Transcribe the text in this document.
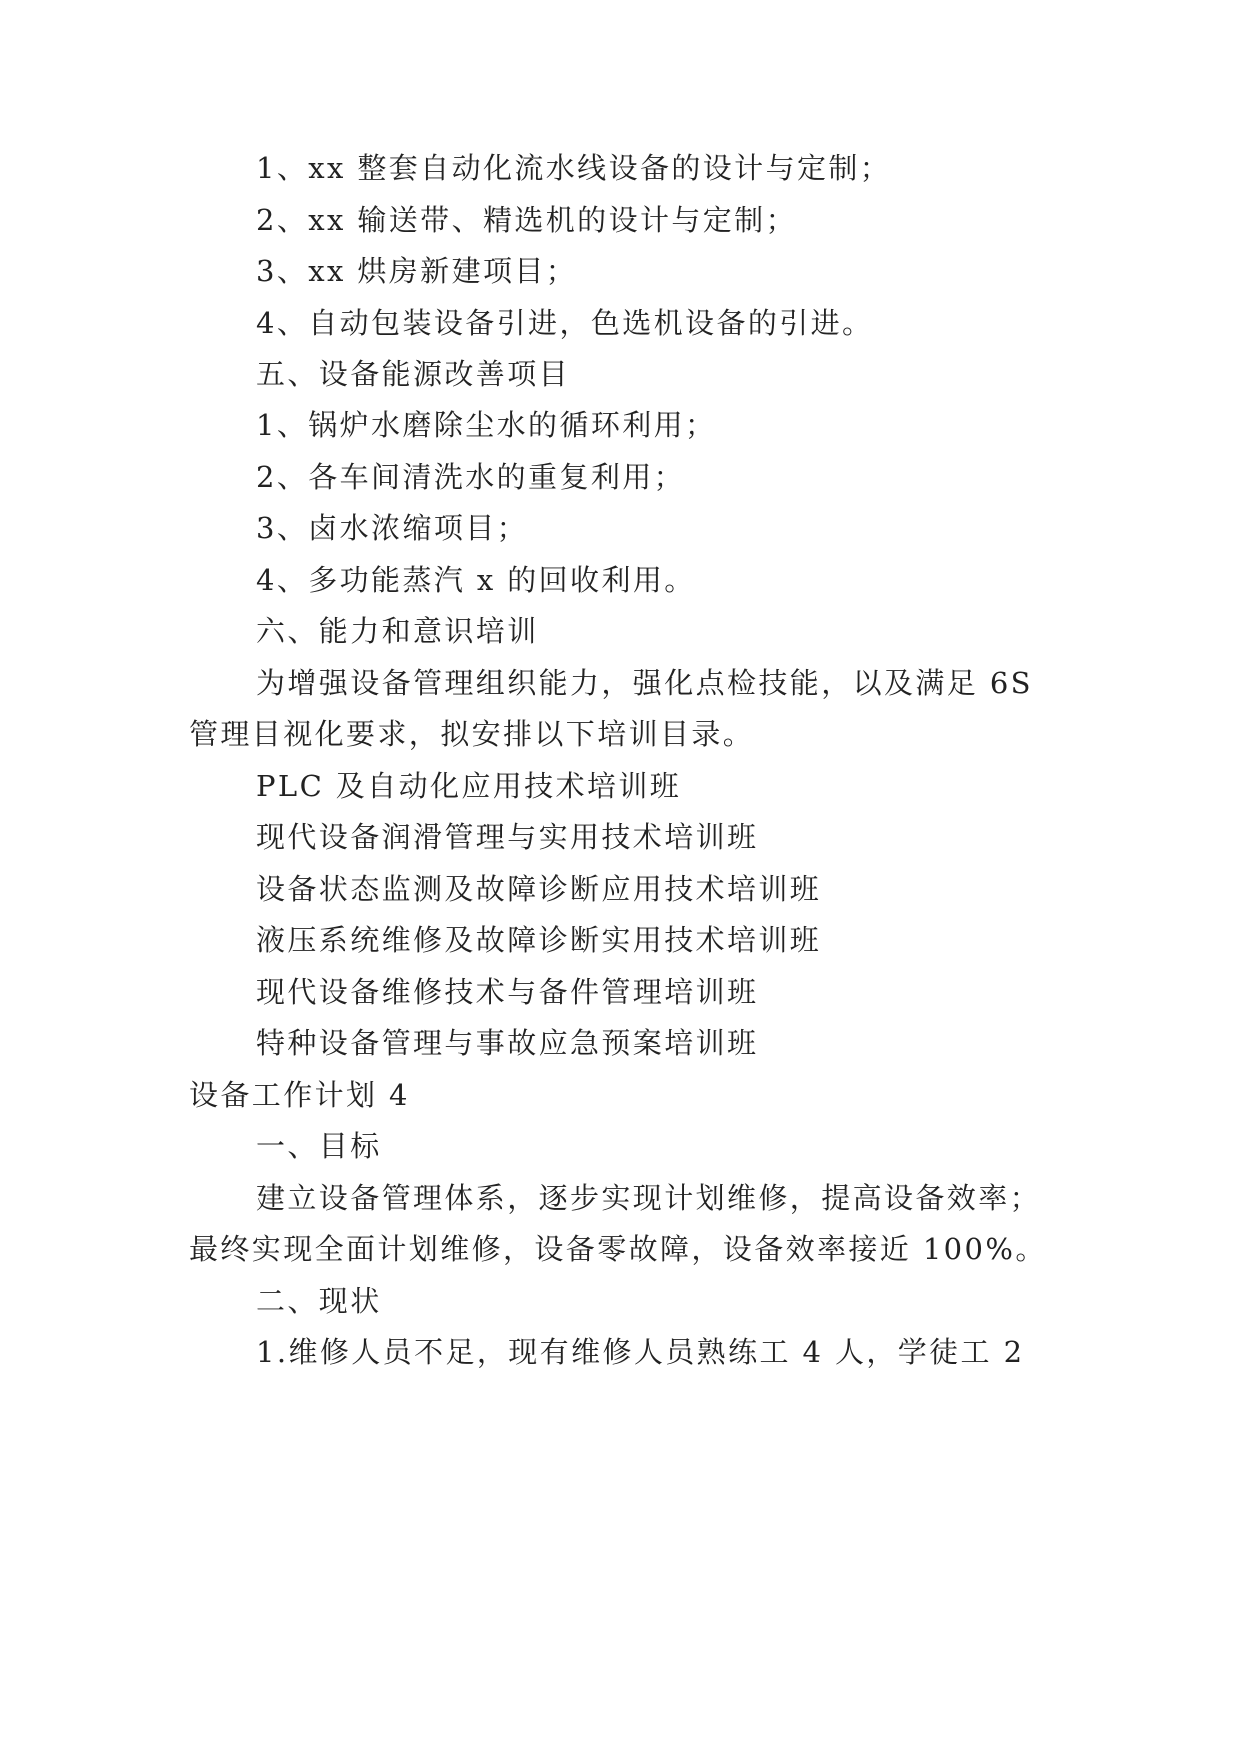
1、xx 整套自动化流水线设备的设计与定制；
2、xx 输送带、精选机的设计与定制；
3、xx 烘房新建项目；
4、自动包装设备引进，色选机设备的引进。
五、设备能源改善项目
1、锅炉水磨除尘水的循环利用；
2、各车间清洗水的重复利用；
3、卤水浓缩项目；
4、多功能蒸汽 x 的回收利用。
六、能力和意识培训
为增强设备管理组织能力，强化点检技能，以及满足 6S
管理目视化要求，拟安排以下培训目录。
PLC 及自动化应用技术培训班
现代设备润滑管理与实用技术培训班
设备状态监测及故障诊断应用技术培训班
液压系统维修及故障诊断实用技术培训班
现代设备维修技术与备件管理培训班
特种设备管理与事故应急预案培训班
设备工作计划 4
一、目标
建立设备管理体系，逐步实现计划维修，提高设备效率；
最终实现全面计划维修，设备零故障，设备效率接近 100%。
二、现状
1.维修人员不足，现有维修人员熟练工 4 人，学徒工 2
